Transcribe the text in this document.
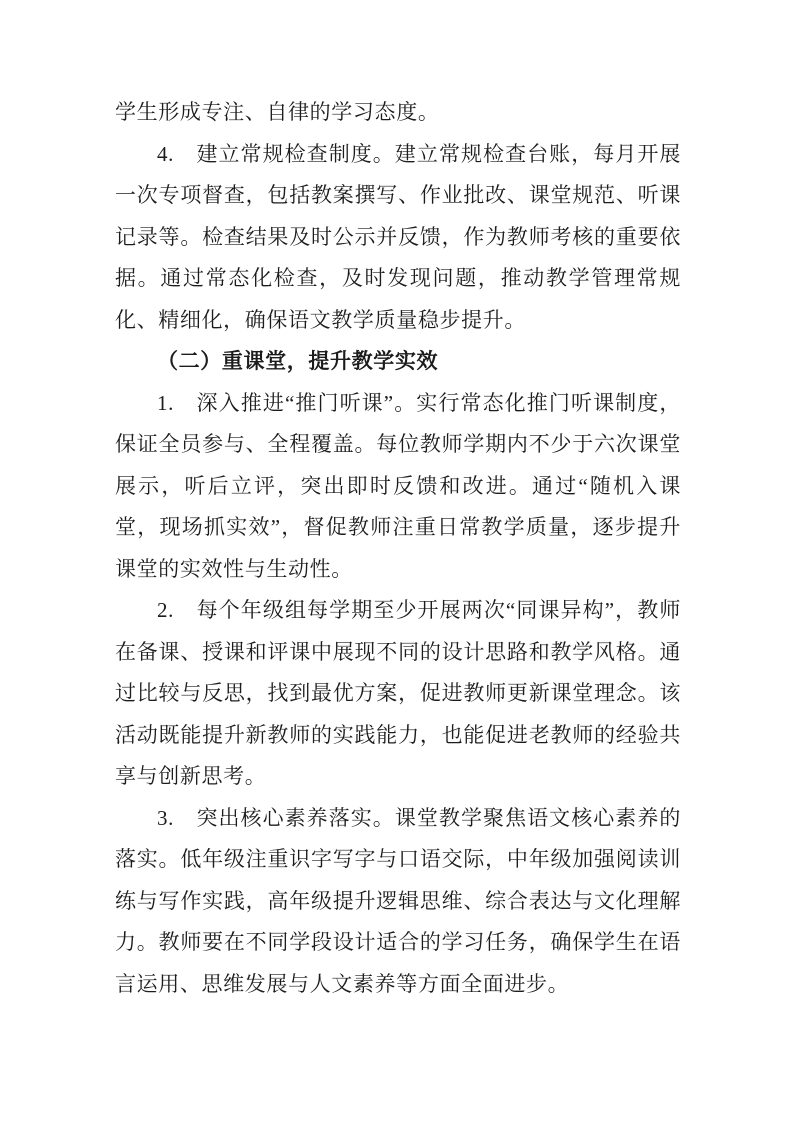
学生形成专注、自律的学习态度。

4.　建立常规检查制度。建立常规检查台账，每月开展一次专项督查，包括教案撰写、作业批改、课堂规范、听课记录等。检查结果及时公示并反馈，作为教师考核的重要依据。通过常态化检查，及时发现问题，推动教学管理常规化、精细化，确保语文教学质量稳步提升。

（二）重课堂，提升教学实效

1.　深入推进“推门听课”。实行常态化推门听课制度，保证全员参与、全程覆盖。每位教师学期内不少于六次课堂展示，听后立评，突出即时反馈和改进。通过“随机入课堂，现场抓实效”，督促教师注重日常教学质量，逐步提升课堂的实效性与生动性。

2.　每个年级组每学期至少开展两次“同课异构”，教师在备课、授课和评课中展现不同的设计思路和教学风格。通过比较与反思，找到最优方案，促进教师更新课堂理念。该活动既能提升新教师的实践能力，也能促进老教师的经验共享与创新思考。

3.　突出核心素养落实。课堂教学聚焦语文核心素养的落实。低年级注重识字写字与口语交际，中年级加强阅读训练与写作实践，高年级提升逻辑思维、综合表达与文化理解力。教师要在不同学段设计适合的学习任务，确保学生在语言运用、思维发展与人文素养等方面全面进步。
